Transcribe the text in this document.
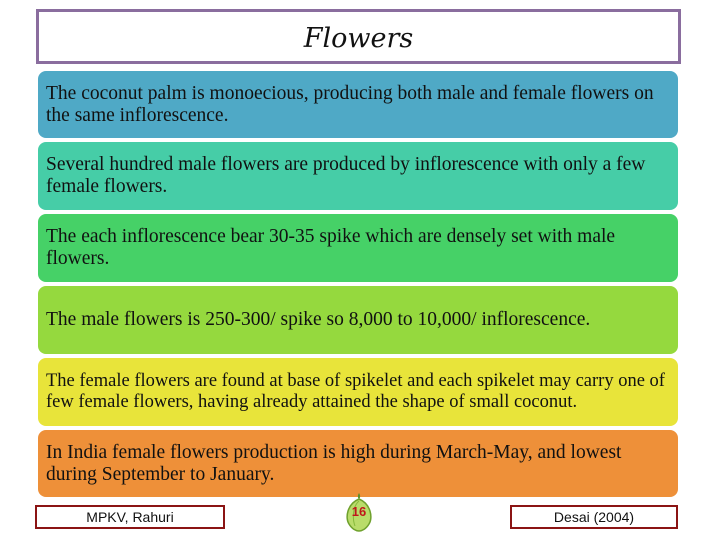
Flowers
The coconut palm is monoecious, producing both male and female flowers on the same inflorescence.
Several hundred male flowers are produced by inflorescence with only a few female flowers.
The each inflorescence bear 30-35 spike which are densely set with male flowers.
The male flowers is 250-300/ spike so 8,000 to 10,000/ inflorescence.
The female flowers are found at base of spikelet and each spikelet may carry one of few female flowers, having already attained the shape of small coconut.
In India female flowers production is high during March-May, and lowest during September to January.
MPKV, Rahuri	16	Desai (2004)
